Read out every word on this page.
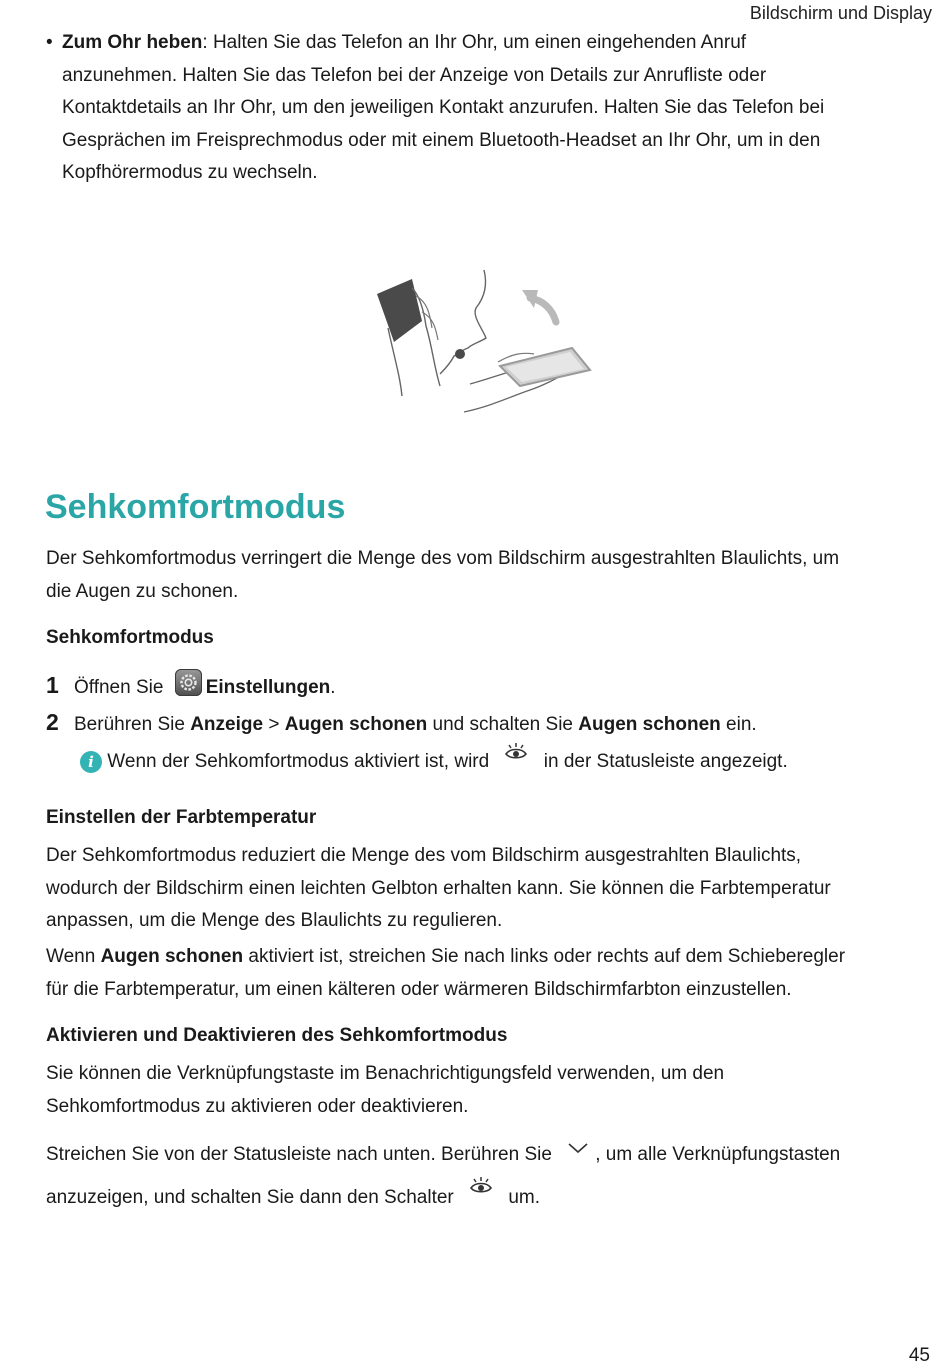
Bildschirm und Display
• Zum Ohr heben: Halten Sie das Telefon an Ihr Ohr, um einen eingehenden Anruf
anzunehmen. Halten Sie das Telefon bei der Anzeige von Details zur Anrufliste oder
Kontaktdetails an Ihr Ohr, um den jeweiligen Kontakt anzurufen. Halten Sie das Telefon bei
Gesprächen im Freisprechmodus oder mit einem Bluetooth-Headset an Ihr Ohr, um in den
Kopfhörermodus zu wechseln.
Sehkomfortmodus
Der Sehkomfortmodus verringert die Menge des vom Bildschirm ausgestrahlten Blaulichts, um
die Augen zu schonen.
Sehkomfortmodus
1 Öffnen Sie Einstellungen.
2 Berühren Sie Anzeige > Augen schonen und schalten Sie Augen schonen ein.
i Wenn der Sehkomfortmodus aktiviert ist, wird	in der Statusleiste angezeigt.
Einstellen der Farbtemperatur
Der Sehkomfortmodus reduziert die Menge des vom Bildschirm ausgestrahlten Blaulichts,
wodurch der Bildschirm einen leichten Gelbton erhalten kann. Sie können die Farbtemperatur
anpassen, um die Menge des Blaulichts zu regulieren.
Wenn Augen schonen aktiviert ist, streichen Sie nach links oder rechts auf dem Schieberegler
für die Farbtemperatur, um einen kälteren oder wärmeren Bildschirmfarbton einzustellen.
Aktivieren und Deaktivieren des Sehkomfortmodus
Sie können die Verknüpfungstaste im Benachrichtigungsfeld verwenden, um den
Sehkomfortmodus zu aktivieren oder deaktivieren.
Streichen Sie von der Statusleiste nach unten. Berühren Sie , um alle Verknüpfungstasten
anzuzeigen, und schalten Sie dann den Schalter	um.
45
